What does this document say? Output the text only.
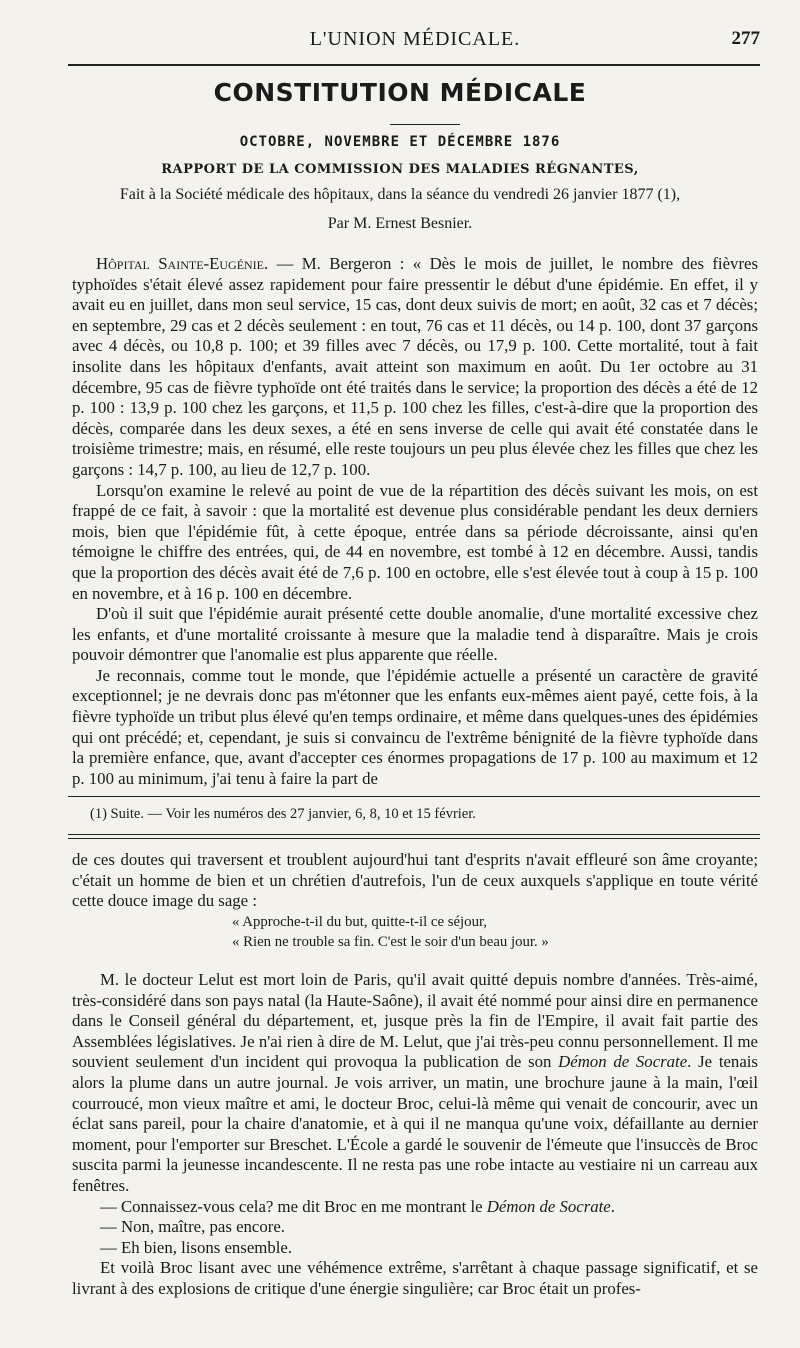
L'UNION MÉDICALE.	277
CONSTITUTION MÉDICALE
OCTOBRE, NOVEMBRE ET DÉCEMBRE 1876
RAPPORT DE LA COMMISSION DES MALADIES RÉGNANTES,
Fait à la Société médicale des hôpitaux, dans la séance du vendredi 26 janvier 1877 (1),
Par M. Ernest Besnier.

Hôpital Sainte-Eugénie. — M. Bergeron : « Dès le mois de juillet, le nombre des fièvres typhoïdes s'était élevé assez rapidement pour faire pressentir le début d'une épidémie. En effet, il y avait eu en juillet, dans mon seul service, 15 cas, dont deux suivis de mort; en août, 32 cas et 7 décès; en septembre, 29 cas et 2 décès seulement : en tout, 76 cas et 11 décès, ou 14 p. 100, dont 37 garçons avec 4 décès, ou 10,8 p. 100; et 39 filles avec 7 décès, ou 17,9 p. 100. Cette mortalité, tout à fait insolite dans les hôpitaux d'enfants, avait atteint son maximum en août. Du 1er octobre au 31 décembre, 95 cas de fièvre typhoïde ont été traités dans le service; la proportion des décès a été de 12 p. 100 : 13,9 p. 100 chez les garçons, et 11,5 p. 100 chez les filles, c'est-à-dire que la proportion des décès, comparée dans les deux sexes, a été en sens inverse de celle qui avait été constatée dans le troisième trimestre; mais, en résumé, elle reste toujours un peu plus élevée chez les filles que chez les garçons : 14,7 p. 100, au lieu de 12,7 p. 100.

Lorsqu'on examine le relevé au point de vue de la répartition des décès suivant les mois, on est frappé de ce fait, à savoir : que la mortalité est devenue plus considérable pendant les deux derniers mois, bien que l'épidémie fût, à cette époque, entrée dans sa période décroissante, ainsi qu'en témoigne le chiffre des entrées, qui, de 44 en novembre, est tombé à 12 en décembre. Aussi, tandis que la proportion des décès avait été de 7,6 p. 100 en octobre, elle s'est élevée tout à coup à 15 p. 100 en novembre, et à 16 p. 100 en décembre.

D'où il suit que l'épidémie aurait présenté cette double anomalie, d'une mortalité excessive chez les enfants, et d'une mortalité croissante à mesure que la maladie tend à disparaître. Mais je crois pouvoir démontrer que l'anomalie est plus apparente que réelle.

Je reconnais, comme tout le monde, que l'épidémie actuelle a présenté un caractère de gravité exceptionnel; je ne devrais donc pas m'étonner que les enfants eux-mêmes aient payé, cette fois, à la fièvre typhoïde un tribut plus élevé qu'en temps ordinaire, et même dans quelques-unes des épidémies qui ont précédé; et, cependant, je suis si convaincu de l'extrême bénignité de la fièvre typhoïde dans la première enfance, que, avant d'accepter ces énormes propagations de 17 p. 100 au maximum et 12 p. 100 au minimum, j'ai tenu à faire la part de

(1) Suite. — Voir les numéros des 27 janvier, 6, 8, 10 et 15 février.

de ces doutes qui traversent et troublent aujourd'hui tant d'esprits n'avait effleuré son âme croyante; c'était un homme de bien et un chrétien d'autrefois, l'un de ceux auxquels s'applique en toute vérité cette douce image du sage :

« Approche-t-il du but, quitte-t-il ce séjour,
« Rien ne trouble sa fin. C'est le soir d'un beau jour. »

M. le docteur Lelut est mort loin de Paris, qu'il avait quitté depuis nombre d'années. Très-aimé, très-considéré dans son pays natal (la Haute-Saône), il avait été nommé pour ainsi dire en permanence dans le Conseil général du département, et, jusque près la fin de l'Empire, il avait fait partie des Assemblées législatives. Je n'ai rien à dire de M. Lelut, que j'ai très-peu connu personnellement. Il me souvient seulement d'un incident qui provoqua la publication de son Démon de Socrate. Je tenais alors la plume dans un autre journal. Je vois arriver, un matin, une brochure jaune à la main, l'œil courroucé, mon vieux maître et ami, le docteur Broc, celui-là même qui venait de concourir, avec un éclat sans pareil, pour la chaire d'anatomie, et à qui il ne manqua qu'une voix, défaillante au dernier moment, pour l'emporter sur Breschet. L'École a gardé le souvenir de l'émeute que l'insuccès de Broc suscita parmi la jeunesse incandescente. Il ne resta pas une robe intacte au vestiaire ni un carreau aux fenêtres.

— Connaissez-vous cela? me dit Broc en me montrant le Démon de Socrate.

— Non, maître, pas encore.

— Eh bien, lisons ensemble.

Et voilà Broc lisant avec une véhémence extrême, s'arrêtant à chaque passage significatif, et se livrant à des explosions de critique d'une énergie singulière; car Broc était un profes-
